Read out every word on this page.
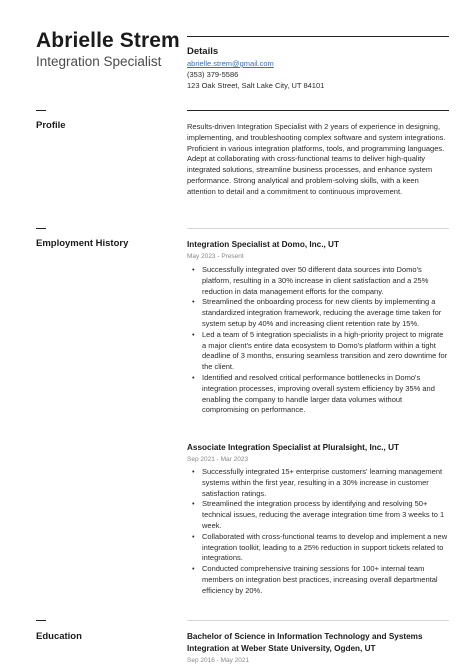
Abrielle Strem
Integration Specialist
Details
abrielle.strem@gmail.com
(353) 379-5586
123 Oak Street, Salt Lake City, UT 84101
Profile	Results-driven Integration Specialist with 2 years of experience in designing, implementing, and troubleshooting complex software and system integrations. Proficient in various integration platforms, tools, and programming languages. Adept at collaborating with cross-functional teams to deliver high-quality integrated solutions, streamline business processes, and enhance system performance. Strong analytical and problem-solving skills, with a keen attention to detail and a commitment to continuous improvement.
Employment History	Integration Specialist at Domo, Inc., UT
May 2023 - Present
• Successfully integrated over 50 different data sources into Domo's platform, resulting in a 30% increase in client satisfaction and a 25% reduction in data management efforts for the company.
• Streamlined the onboarding process for new clients by implementing a standardized integration framework, reducing the average time taken for system setup by 40% and increasing client retention rate by 15%.
• Led a team of 5 integration specialists in a high-priority project to migrate a major client's entire data ecosystem to Domo's platform within a tight deadline of 3 months, ensuring seamless transition and zero downtime for the client.
• Identified and resolved critical performance bottlenecks in Domo's integration processes, improving overall system efficiency by 35% and enabling the company to handle larger data volumes without compromising on performance.
Associate Integration Specialist at Pluralsight, Inc., UT
Sep 2021 - Mar 2023
• Successfully integrated 15+ enterprise customers' learning management systems within the first year, resulting in a 30% increase in customer satisfaction ratings.
• Streamlined the integration process by identifying and resolving 50+ technical issues, reducing the average integration time from 3 weeks to 1 week.
• Collaborated with cross-functional teams to develop and implement a new integration toolkit, leading to a 25% reduction in support tickets related to integrations.
• Conducted comprehensive training sessions for 100+ internal team members on integration best practices, increasing overall departmental efficiency by 20%.
Education	Bachelor of Science in Information Technology and Systems Integration at Weber State University, Ogden, UT
Sep 2016 - May 2021
